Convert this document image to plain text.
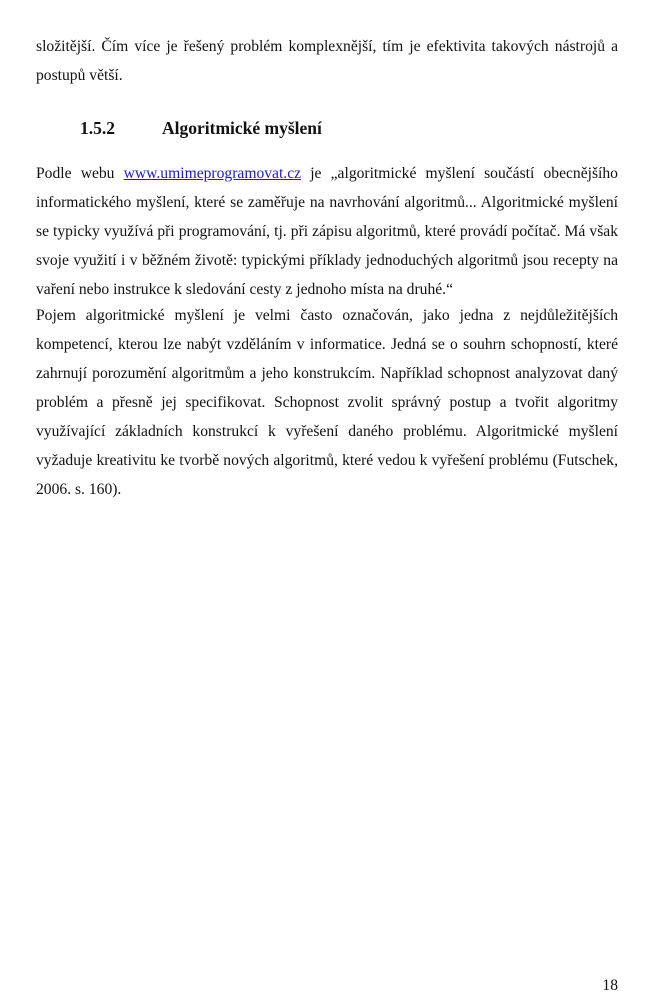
složitější. Čím více je řešený problém komplexnější, tím je efektivita takových nástrojů a
postupů větší.
1.5.2	Algoritmické myšlení
Podle webu www.umimeprogramovat.cz je „algoritmické myšlení součástí obecnějšího
informatického myšlení, které se zaměřuje na navrhování algoritmů... Algoritmické myšlení
se typicky využívá při programování, tj. při zápisu algoritmů, které provádí počítač. Má však
svoje využití i v běžném životě: typickými příklady jednoduchých algoritmů jsou recepty na
vaření nebo instrukce k sledování cesty z jednoho místa na druhé.“
Pojem algoritmické myšlení je velmi často označován, jako jedna z nejdůležitějších
kompetencí, kterou lze nabýt vzděláním v informatice. Jedná se o souhrn schopností, které
zahrnují porozumění algoritmům a jeho konstrukcím. Například schopnost analyzovat daný
problém a přesně jej specifikovat. Schopnost zvolit správný postup a tvořit algoritmy
využívající základních konstrukcí k vyřešení daného problému. Algoritmické myšlení
vyžaduje kreativitu ke tvorbě nových algoritmů, které vedou k vyřešení problému (Futschek,
2006. s. 160).
18
